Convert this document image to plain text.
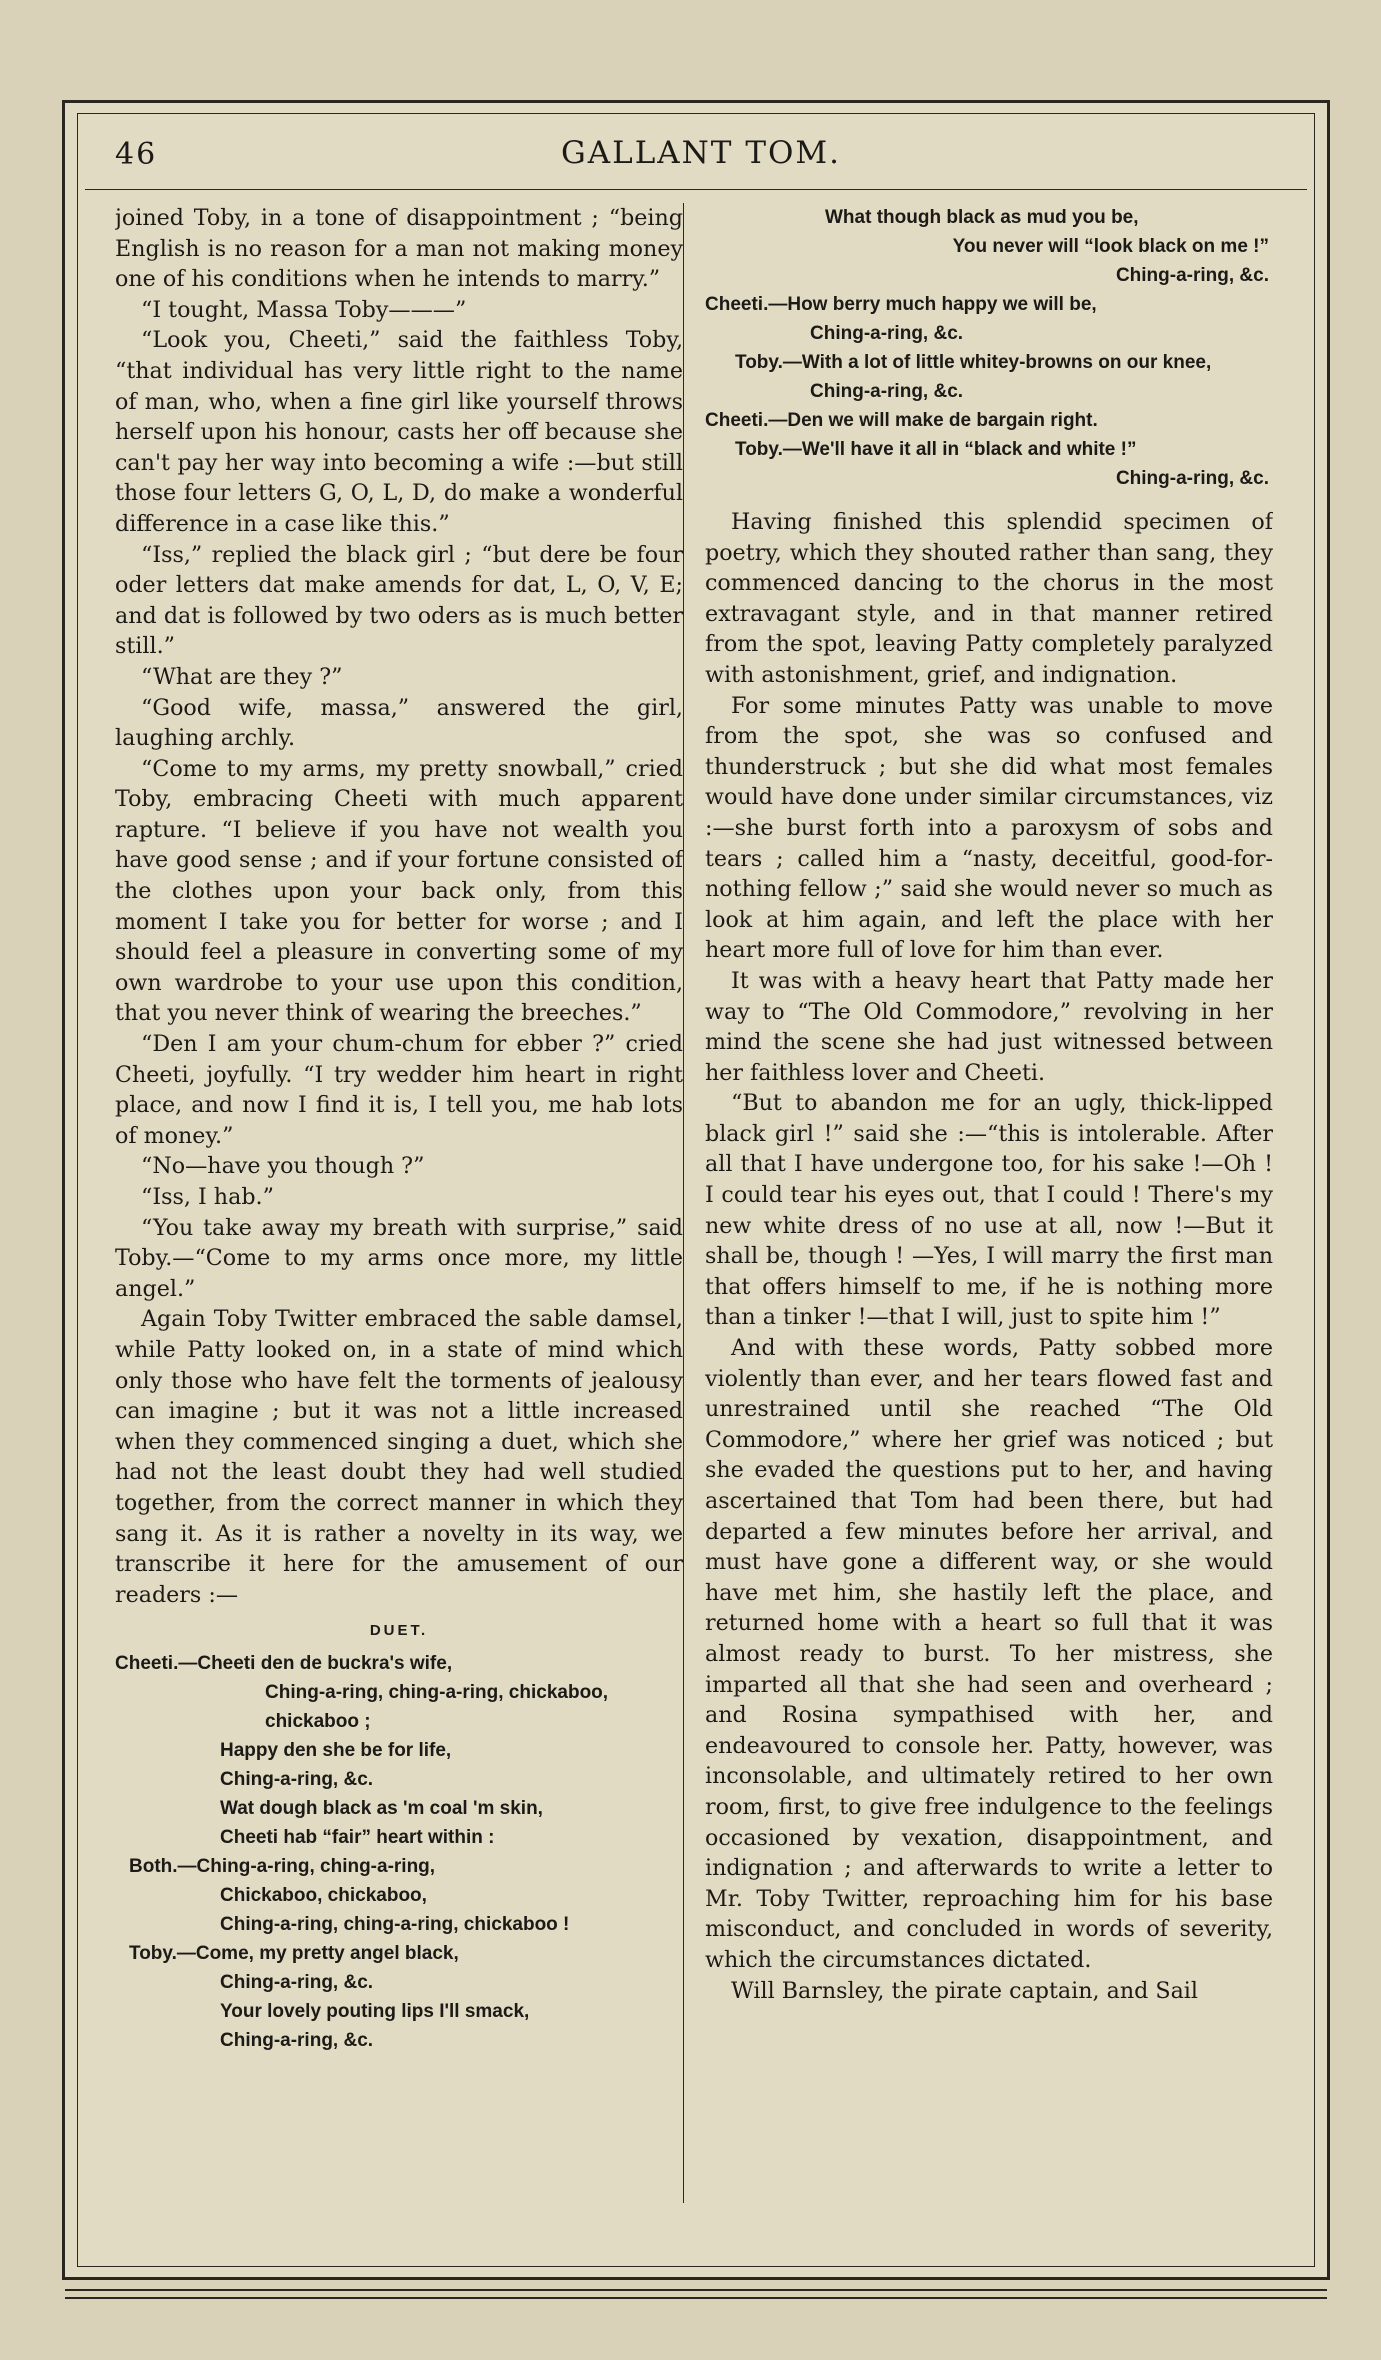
46	GALLANT TOM.

joined Toby, in a tone of disappointment ; “being English is no reason for a man not making money one of his conditions when he intends to marry.”

“I tought, Massa Toby———”

“Look you, Cheeti,” said the faithless Toby, “that individual has very little right to the name of man, who, when a fine girl like yourself throws herself upon his honour, casts her off because she can't pay her way into becoming a wife :—but still those four letters G, O, L, D, do make a wonderful difference in a case like this.”

“Iss,” replied the black girl ; “but dere be four oder letters dat make amends for dat, L, O, V, E; and dat is followed by two oders as is much better still.”

“What are they ?”

“Good wife, massa,” answered the girl, laughing archly.

“Come to my arms, my pretty snowball,” cried Toby, embracing Cheeti with much apparent rapture. “I believe if you have not wealth you have good sense ; and if your fortune consisted of the clothes upon your back only, from this moment I take you for better for worse ; and I should feel a pleasure in converting some of my own wardrobe to your use upon this condition, that you never think of wearing the breeches.”

“Den I am your chum-chum for ebber ?” cried Cheeti, joyfully. “I try wedder him heart in right place, and now I find it is, I tell you, me hab lots of money.”

“No—have you though ?”

“Iss, I hab.”

“You take away my breath with surprise,” said Toby.—“Come to my arms once more, my little angel.”

Again Toby Twitter embraced the sable damsel, while Patty looked on, in a state of mind which only those who have felt the torments of jealousy can imagine ; but it was not a little increased when they commenced singing a duet, which she had not the least doubt they had well studied together, from the correct manner in which they sang it. As it is rather a novelty in its way, we transcribe it here for the amusement of our readers :—

DUET.
Cheeti.—Cheeti den de buckra's wife,
Ching-a-ring, ching-a-ring, chickaboo, chickaboo ;
Happy den she be for life,
Ching-a-ring, &c.
Wat dough black as 'm coal 'm skin,
Cheeti hab “fair” heart within :
Both.—Ching-a-ring, ching-a-ring,
Chickaboo, chickaboo,
Ching-a-ring, ching-a-ring, chickaboo !
Toby.—Come, my pretty angel black,
Ching-a-ring, &c.
Your lovely pouting lips I'll smack,
Ching-a-ring, &c.
What though black as mud you be,
You never will “look black on me !”
Ching-a-ring, &c.
Cheeti.—How berry much happy we will be,
Ching-a-ring, &c.
Toby.—With a lot of little whitey-browns on our knee,
Ching-a-ring, &c.
Cheeti.—Den we will make de bargain right.
Toby.—We'll have it all in “black and white !”
Ching-a-ring, &c.

Having finished this splendid specimen of poetry, which they shouted rather than sang, they commenced dancing to the chorus in the most extravagant style, and in that manner retired from the spot, leaving Patty completely paralyzed with astonishment, grief, and indignation.

For some minutes Patty was unable to move from the spot, she was so confused and thunderstruck ; but she did what most females would have done under similar circumstances, viz :—she burst forth into a paroxysm of sobs and tears ; called him a “nasty, deceitful, good-for-nothing fellow ;” said she would never so much as look at him again, and left the place with her heart more full of love for him than ever.

It was with a heavy heart that Patty made her way to “The Old Commodore,” revolving in her mind the scene she had just witnessed between her faithless lover and Cheeti.

“But to abandon me for an ugly, thick-lipped black girl !” said she :—“this is intolerable. After all that I have undergone too, for his sake !—Oh ! I could tear his eyes out, that I could ! There's my new white dress of no use at all, now !—But it shall be, though ! —Yes, I will marry the first man that offers himself to me, if he is nothing more than a tinker !—that I will, just to spite him !”

And with these words, Patty sobbed more violently than ever, and her tears flowed fast and unrestrained until she reached “The Old Commodore,” where her grief was noticed ; but she evaded the questions put to her, and having ascertained that Tom had been there, but had departed a few minutes before her arrival, and must have gone a different way, or she would have met him, she hastily left the place, and returned home with a heart so full that it was almost ready to burst. To her mistress, she imparted all that she had seen and overheard ; and Rosina sympathised with her, and endeavoured to console her. Patty, however, was inconsolable, and ultimately retired to her own room, first, to give free indulgence to the feelings occasioned by vexation, disappointment, and indignation ; and afterwards to write a letter to Mr. Toby Twitter, reproaching him for his base misconduct, and concluded in words of severity, which the circumstances dictated.

Will Barnsley, the pirate captain, and Sail
